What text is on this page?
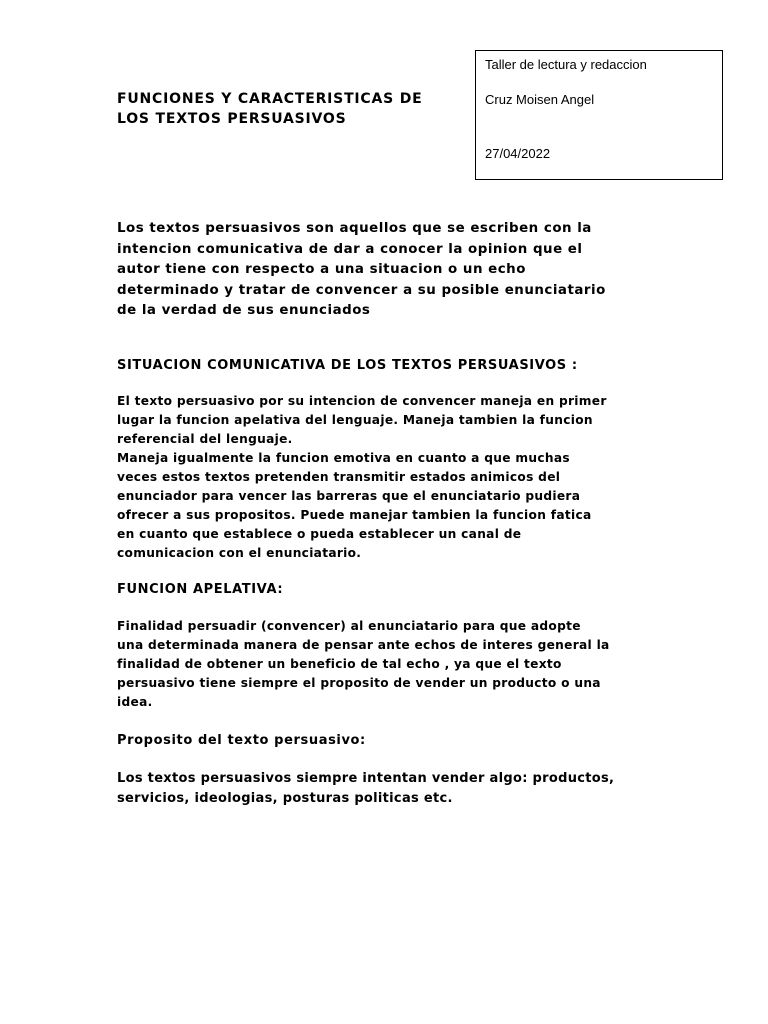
Taller de lectura y redaccion
Cruz Moisen Angel
27/04/2022
FUNCIONES Y CARACTERISTICAS DE
LOS TEXTOS PERSUASIVOS

Los textos persuasivos son aquellos que se escriben con la
intencion comunicativa de dar a conocer la opinion que el
autor tiene con respecto a una situacion o un echo
determinado y tratar de convencer a su posible enunciatario
de la verdad de sus enunciados

SITUACION COMUNICATIVA DE LOS TEXTOS PERSUASIVOS :

El texto persuasivo por su intencion de convencer maneja en primer
lugar la funcion apelativa del lenguaje. Maneja tambien la funcion
referencial del lenguaje.
Maneja igualmente la funcion emotiva en cuanto a que muchas
veces estos textos pretenden transmitir estados animicos del
enunciador para vencer las barreras que el enunciatario pudiera
ofrecer a sus propositos. Puede manejar tambien la funcion fatica
en cuanto que establece o pueda establecer un canal de
comunicacion con el enunciatario.

FUNCION APELATIVA:

Finalidad persuadir (convencer) al enunciatario para que adopte
una determinada manera de pensar ante echos de interes general la
finalidad de obtener un beneficio de tal echo , ya que el texto
persuasivo tiene siempre el proposito de vender un producto o una
idea.

Proposito del texto persuasivo:

Los textos persuasivos siempre intentan vender algo: productos,
servicios, ideologias, posturas politicas etc.
